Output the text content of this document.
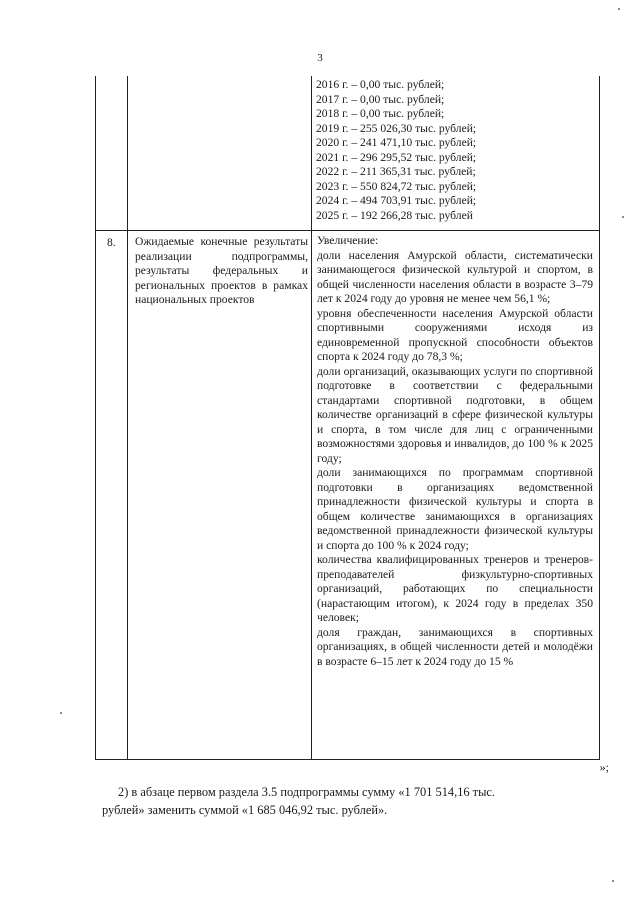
3
2016 г. – 0,00 тыс. рублей;
2017 г. – 0,00 тыс. рублей;
2018 г. – 0,00 тыс. рублей;
2019 г. – 255 026,30 тыс. рублей;
2020 г. – 241 471,10 тыс. рублей;
2021 г. – 296 295,52 тыс. рублей;
2022 г. – 211 365,31 тыс. рублей;
2023 г. – 550 824,72 тыс. рублей;
2024 г. – 494 703,91 тыс. рублей;
2025 г. – 192 266,28 тыс. рублей
8. Ожидаемые конечные результаты реализации подпрограммы, результаты федеральных и региональных проектов в рамках национальных проектов

Увеличение:

доли населения Амурской области, систематически занимающегося физической культурой и спортом, в общей численности населения области в возрасте 3–79 лет к 2024 году до уровня не менее чем 56,1 %;

уровня обеспеченности населения Амурской области спортивными сооружениями исходя из единовременной пропускной способности объектов спорта к 2024 году до 78,3 %;

доли организаций, оказывающих услуги по спортивной подготовке в соответствии с федеральными стандартами спортивной подготовки, в общем количестве организаций в сфере физической культуры и спорта, в том числе для лиц с ограниченными возможностями здоровья и инвалидов, до 100 % к 2025 году;

доли занимающихся по программам спортивной подготовки в организациях ведомственной принадлежности физической культуры и спорта в общем количестве занимающихся в организациях ведомственной принадлежности физической культуры и спорта до 100 % к 2024 году;

количества квалифицированных тренеров и тренеров-преподавателей физкультурно-спортивных организаций, работающих по специальности (нарастающим итогом), к 2024 году в пределах 350 человек;

доля граждан, занимающихся в спортивных организациях, в общей численности детей и молодёжи в возрасте 6–15 лет к 2024 году до 15 %

»;
2) в абзаце первом раздела 3.5 подпрограммы сумму «1 701 514,16 тыс.
рублей» заменить суммой «1 685 046,92 тыс. рублей».
